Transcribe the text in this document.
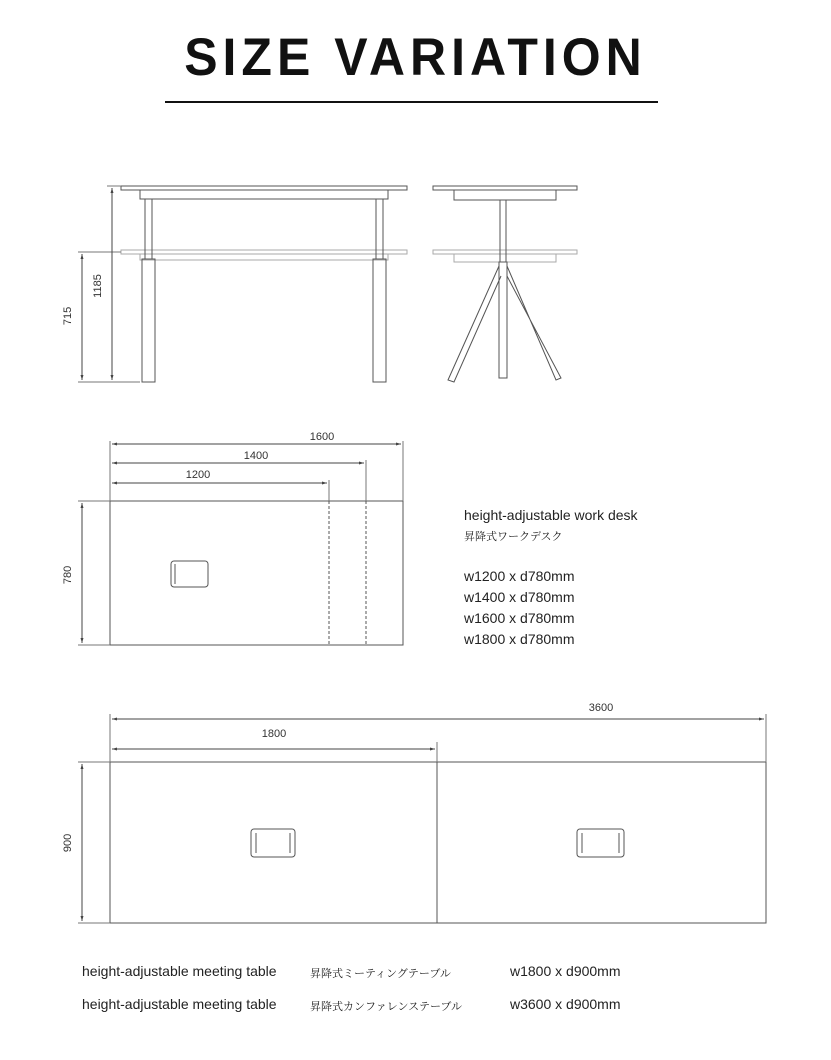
SIZE VARIATION
1185
715
1600
1400
1200
780
3600
1800
900
height-adjustable work desk
昇降式ワークデスク
w1200 x d780mm
w1400 x d780mm
w1600 x d780mm
w1800 x d780mm
height-adjustable meeting table	昇降式ミーティングテーブル	w1800 x d900mm
height-adjustable meeting table	昇降式カンファレンステーブル	w3600 x d900mm
